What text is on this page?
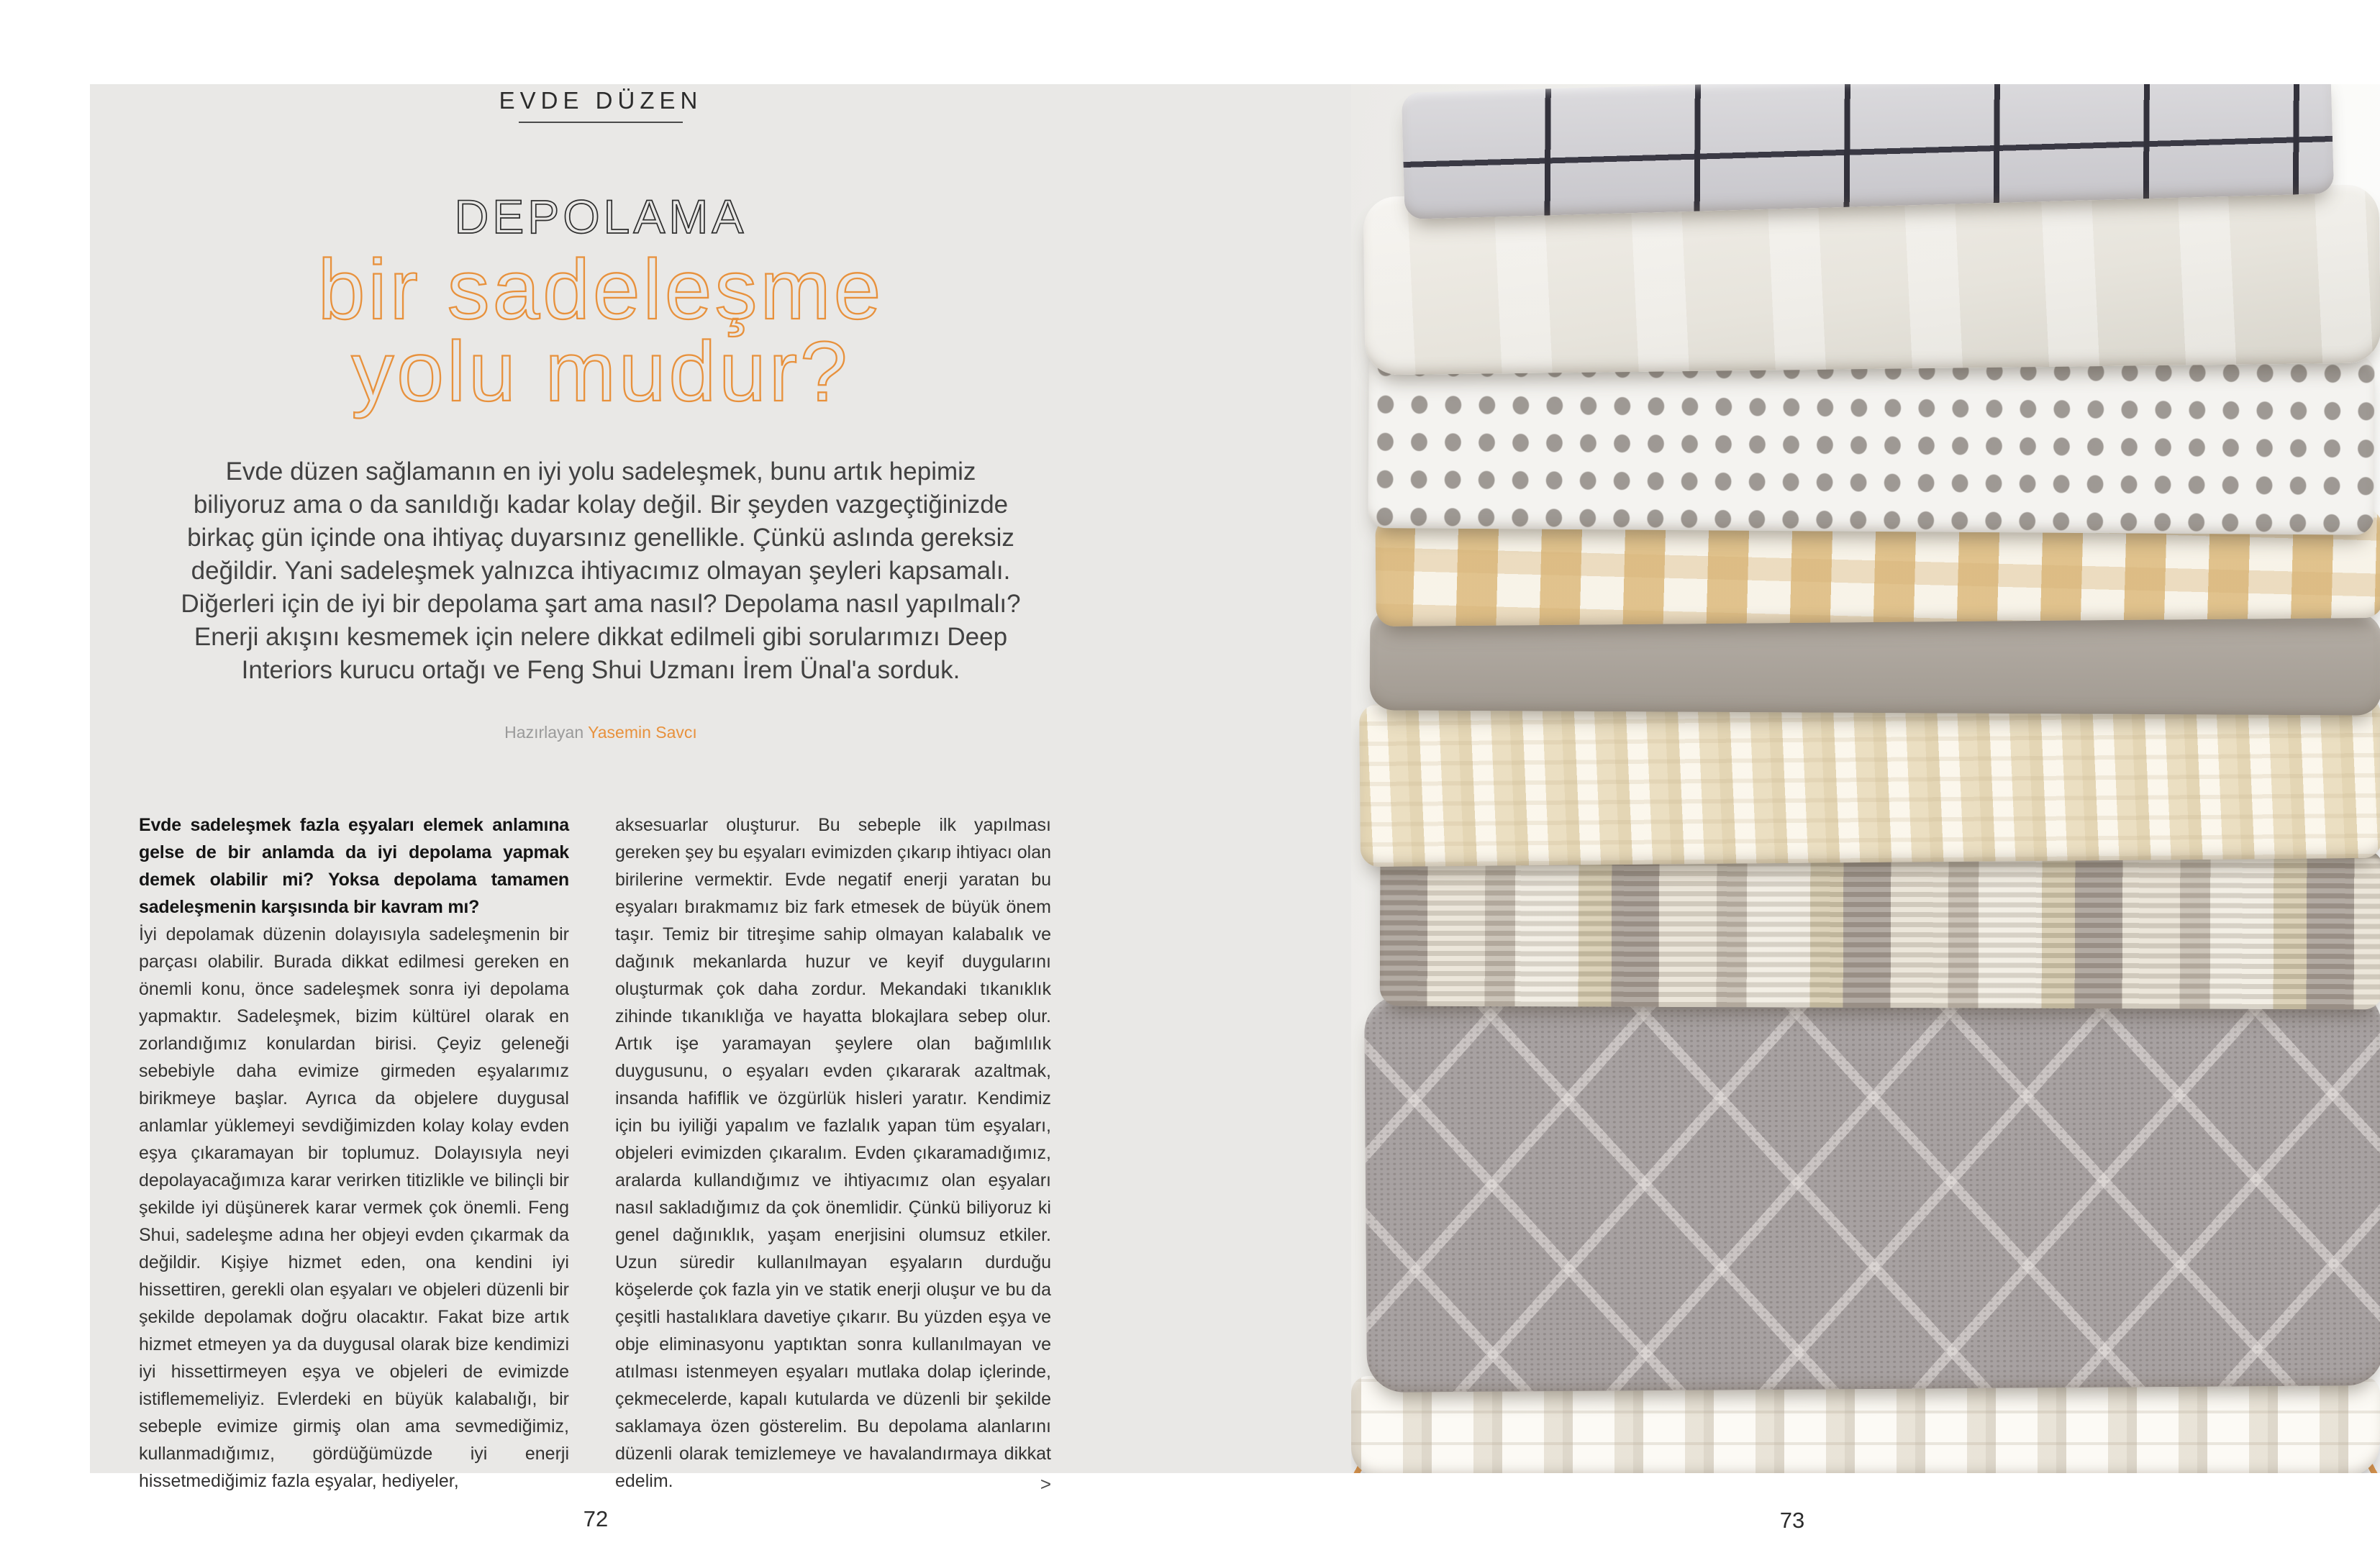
EVDE DÜZEN
DEPOLAMA
bir sadeleşme
yolu mudur?
Evde düzen sağlamanın en iyi yolu sadeleşmek, bunu artık hepimiz
biliyoruz ama o da sanıldığı kadar kolay değil. Bir şeyden vazgeçtiğinizde
birkaç gün içinde ona ihtiyaç duyarsınız genellikle. Çünkü aslında gereksiz
değildir. Yani sadeleşmek yalnızca ihtiyacımız olmayan şeyleri kapsamalı.
Diğerleri için de iyi bir depolama şart ama nasıl? Depolama nasıl yapılmalı?
Enerji akışını kesmemek için nelere dikkat edilmeli gibi sorularımızı Deep
Interiors kurucu ortağı ve Feng Shui Uzmanı İrem Ünal'a sorduk.
Hazırlayan Yasemin Savcı

Evde sadeleşmek fazla eşyaları elemek anlamına gelse de bir anlamda da iyi depolama yapmak demek olabilir mi? Yoksa depolama tamamen sadeleşmenin karşısında bir kavram mı?

İyi depolamak düzenin dolayısıyla sadeleşmenin bir parçası olabilir. Burada dikkat edilmesi gereken en önemli konu, önce sadeleşmek sonra iyi depolama yapmaktır. Sadeleşmek, bizim kültürel olarak en zorlandığımız konulardan birisi. Çeyiz geleneği sebebiyle daha evimize girmeden eşyalarımız birikmeye başlar. Ayrıca da objelere duygusal anlamlar yüklemeyi sevdiğimizden kolay kolay evden eşya çıkaramayan bir toplumuz. Dolayısıyla neyi depolayacağımıza karar verirken titizlikle ve bilinçli bir şekilde iyi düşünerek karar vermek çok önemli. Feng Shui, sadeleşme adına her objeyi evden çıkarmak da değildir. Kişiye hizmet eden, ona kendini iyi hissettiren, gerekli olan eşyaları ve objeleri düzenli bir şekilde depolamak doğru olacaktır. Fakat bize artık hizmet etmeyen ya da duygusal olarak bize kendimizi iyi hissettirmeyen eşya ve objeleri de evimizde istiflememeliyiz. Evlerdeki en büyük kalabalığı, bir sebeple evimize girmiş olan ama sevmediğimiz, kullanmadığımız, gördüğümüzde iyi enerji hissetmediğimiz fazla eşyalar, hediyeler,

aksesuarlar oluşturur. Bu sebeple ilk yapılması gereken şey bu eşyaları evimizden çıkarıp ihtiyacı olan birilerine vermektir. Evde negatif enerji yaratan bu eşyaları bırakmamız biz fark etmesek de büyük önem taşır. Temiz bir titreşime sahip olmayan kalabalık ve dağınık mekanlarda huzur ve keyif duygularını oluşturmak çok daha zordur. Mekandaki tıkanıklık zihinde tıkanıklığa ve hayatta blokajlara sebep olur. Artık işe yaramayan şeylere olan bağımlılık duygusunu, o eşyaları evden çıkararak azaltmak, insanda hafiflik ve özgürlük hisleri yaratır. Kendimiz için bu iyiliği yapalım ve fazlalık yapan tüm eşyaları, objeleri evimizden çıkaralım. Evden çıkaramadığımız, aralarda kullandığımız ve ihtiyacımız olan eşyaları nasıl sakladığımız da çok önemlidir. Çünkü biliyoruz ki genel dağınıklık, yaşam enerjisini olumsuz etkiler. Uzun süredir kullanılmayan eşyaların durduğu köşelerde çok fazla yin ve statik enerji oluşur ve bu da çeşitli hastalıklara davetiye çıkarır. Bu yüzden eşya ve obje eliminasyonu yaptıktan sonra kullanılmayan ve atılması istenmeyen eşyaları mutlaka dolap içlerinde, çekmecelerde, kapalı kutularda ve düzenli bir şekilde saklamaya özen gösterelim. Bu depolama alanlarını düzenli olarak temizlemeye ve havalandırmaya dikkat edelim.	>
72	73
